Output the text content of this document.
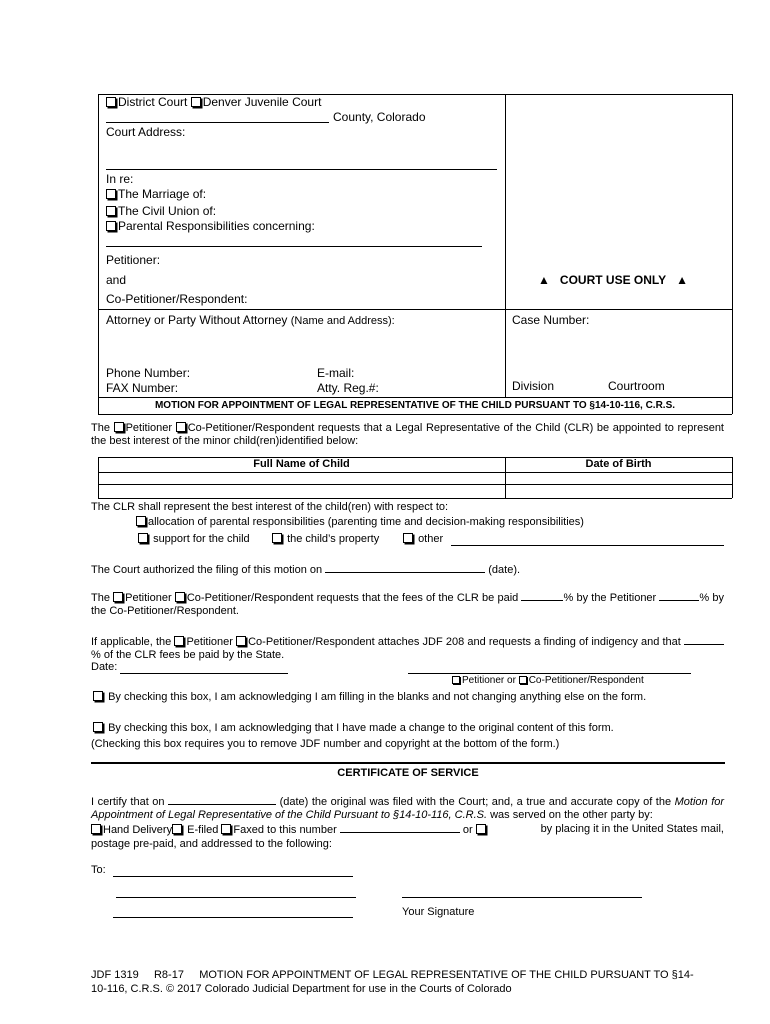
District Court Denver Juvenile Court
County, Colorado
Court Address:
In re:
The Marriage of:
The Civil Union of:
Parental Responsibilities concerning:
Petitioner:
and
Co-Petitioner/Respondent:
▲ COURT USE ONLY ▲
Attorney or Party Without Attorney (Name and Address):	Case Number:
Phone Number:	E-mail:
FAX Number:	Atty. Reg.#:	Division	Courtroom
MOTION FOR APPOINTMENT OF LEGAL REPRESENTATIVE OF THE CHILD PURSUANT TO §14-10-116, C.R.S.
The Petitioner Co-Petitioner/Respondent requests that a Legal Representative of the Child (CLR) be appointed to represent the best interest of the minor child(ren)identified below:
Full Name of Child	Date of Birth
The CLR shall represent the best interest of the child(ren) with respect to:
allocation of parental responsibilities (parenting time and decision-making responsibilities)
support for the child	the child’s property	other
The Court authorized the filing of this motion on	(date).
The Petitioner Co-Petitioner/Respondent requests that the fees of the CLR be paid	% by the Petitioner	% by the Co-Petitioner/Respondent.
If applicable, the Petitioner Co-Petitioner/Respondent attaches JDF 208 and requests a finding of indigency and that % of the CLR fees be paid by the State.
Date:
Petitioner or Co-Petitioner/Respondent
By checking this box, I am acknowledging I am filling in the blanks and not changing anything else on the form.
By checking this box, I am acknowledging that I have made a change to the original content of this form.
(Checking this box requires you to remove JDF number and copyright at the bottom of the form.)
CERTIFICATE OF SERVICE
I certify that on	(date) the original was filed with the Court; and, a true and accurate copy of the Motion for Appointment of Legal Representative of the Child Pursuant to §14-10-116, C.R.S. was served on the other party by:
Hand Delivery E-filed Faxed to this number	or	by placing it in the United States mail,
postage pre-paid, and addressed to the following:
To:
Your Signature
JDF 1319     R8-17     MOTION FOR APPOINTMENT OF LEGAL REPRESENTATIVE OF THE CHILD PURSUANT TO §14-
10-116, C.R.S. © 2017 Colorado Judicial Department for use in the Courts of Colorado
